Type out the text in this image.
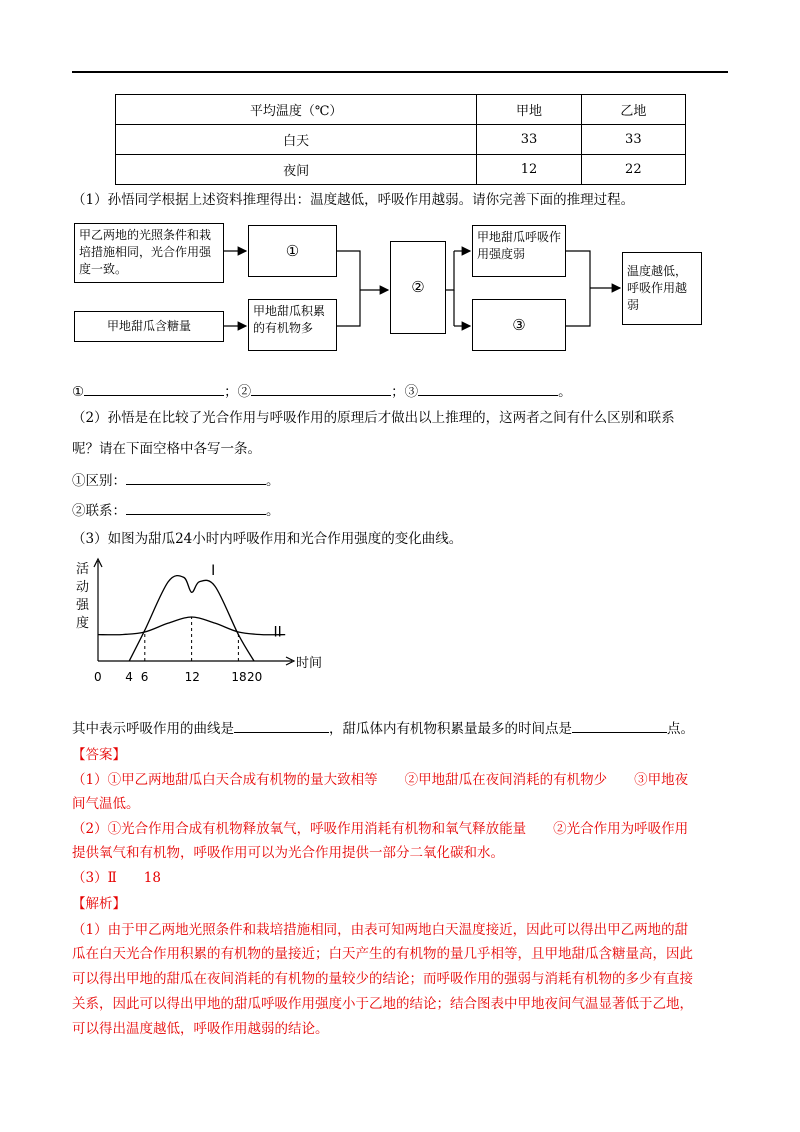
平均温度（℃）	甲地	乙地
白天	33	33
夜间	12	22
（1）孙悟同学根据上述资料推理得出：温度越低，呼吸作用越弱。请你完善下面的推理过程。
甲乙两地的光照条件和栽培措施相同，光合作用强度一致。
①
甲地甜瓜含糖量
甲地甜瓜积累的有机物多
②
甲地甜瓜呼吸作用强度弱
③
温度越低，呼吸作用越弱
①	；②	；③	。
（2）孙悟是在比较了光合作用与呼吸作用的原理后才做出以上推理的，这两者之间有什么区别和联系
呢？请在下面空格中各写一条。
①区别：	。
②联系：	。
（3）如图为甜瓜24小时内呼吸作用和光合作用强度的变化曲线。
活
动
强
度
时间
0 4 6	12	18 20
I
II
其中表示呼吸作用的曲线是	，甜瓜体内有机物积累量最多的时间点是	点。
【答案】
（1）①甲乙两地甜瓜白天合成有机物的量大致相等　　②甲地甜瓜在夜间消耗的有机物少　　③甲地夜
间气温低。
（2）①光合作用合成有机物释放氧气，呼吸作用消耗有机物和氧气释放能量　　②光合作用为呼吸作用
提供氧气和有机物，呼吸作用可以为光合作用提供一部分二氧化碳和水。
（3）Ⅱ　　18
【解析】
（1）由于甲乙两地光照条件和栽培措施相同，由表可知两地白天温度接近，因此可以得出甲乙两地的甜
瓜在白天光合作用积累的有机物的量接近；白天产生的有机物的量几乎相等，且甲地甜瓜含糖量高，因此
可以得出甲地的甜瓜在夜间消耗的有机物的量较少的结论；而呼吸作用的强弱与消耗有机物的多少有直接
关系，因此可以得出甲地的甜瓜呼吸作用强度小于乙地的结论；结合图表中甲地夜间气温显著低于乙地，
可以得出温度越低，呼吸作用越弱的结论。
